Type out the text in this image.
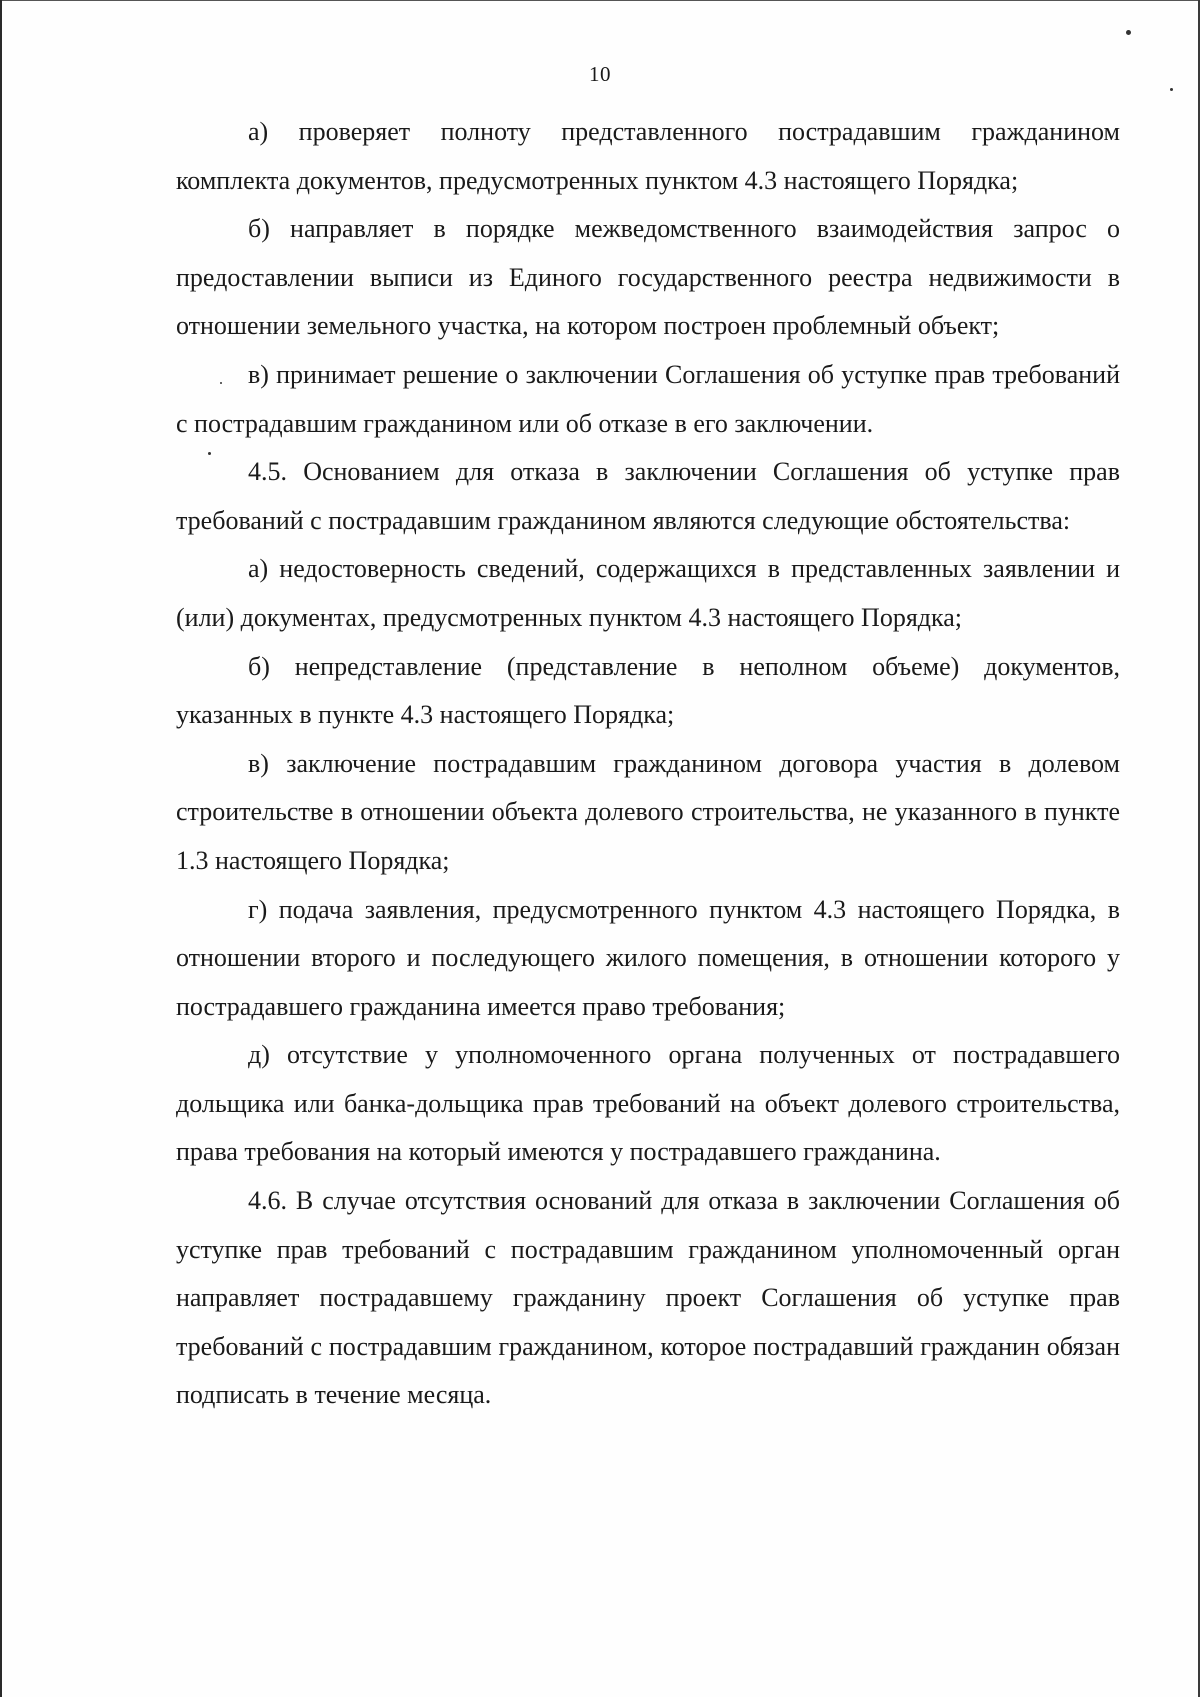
10

а) проверяет полноту представленного пострадавшим гражданином комплекта документов, предусмотренных пунктом 4.3 настоящего Порядка;

б) направляет в порядке межведомственного взаимодействия запрос о предоставлении выписи из Единого государственного реестра недвижимости в отношении земельного участка, на котором построен проблемный объект;

в) принимает решение о заключении Соглашения об уступке прав требований с пострадавшим гражданином или об отказе в его заключении.

4.5. Основанием для отказа в заключении Соглашения об уступке прав требований с пострадавшим гражданином являются следующие обстоятельства:

а) недостоверность сведений, содержащихся в представленных заявлении и (или) документах, предусмотренных пунктом 4.3 настоящего Порядка;

б) непредставление (представление в неполном объеме) документов, указанных в пункте 4.3 настоящего Порядка;

в) заключение пострадавшим гражданином договора участия в долевом строительстве в отношении объекта долевого строительства, не указанного в пункте 1.3 настоящего Порядка;

г) подача заявления, предусмотренного пунктом 4.3 настоящего Порядка, в отношении второго и последующего жилого помещения, в отношении которого у пострадавшего гражданина имеется право требования;

д) отсутствие у уполномоченного органа полученных от пострадавшего дольщика или банка-дольщика прав требований на объект долевого строительства, права требования на который имеются у пострадавшего гражданина.

4.6. В случае отсутствия оснований для отказа в заключении Соглашения об уступке прав требований с пострадавшим гражданином уполномоченный орган направляет пострадавшему гражданину проект Соглашения об уступке прав требований с пострадавшим гражданином, которое пострадавший гражданин обязан подписать в течение месяца.
